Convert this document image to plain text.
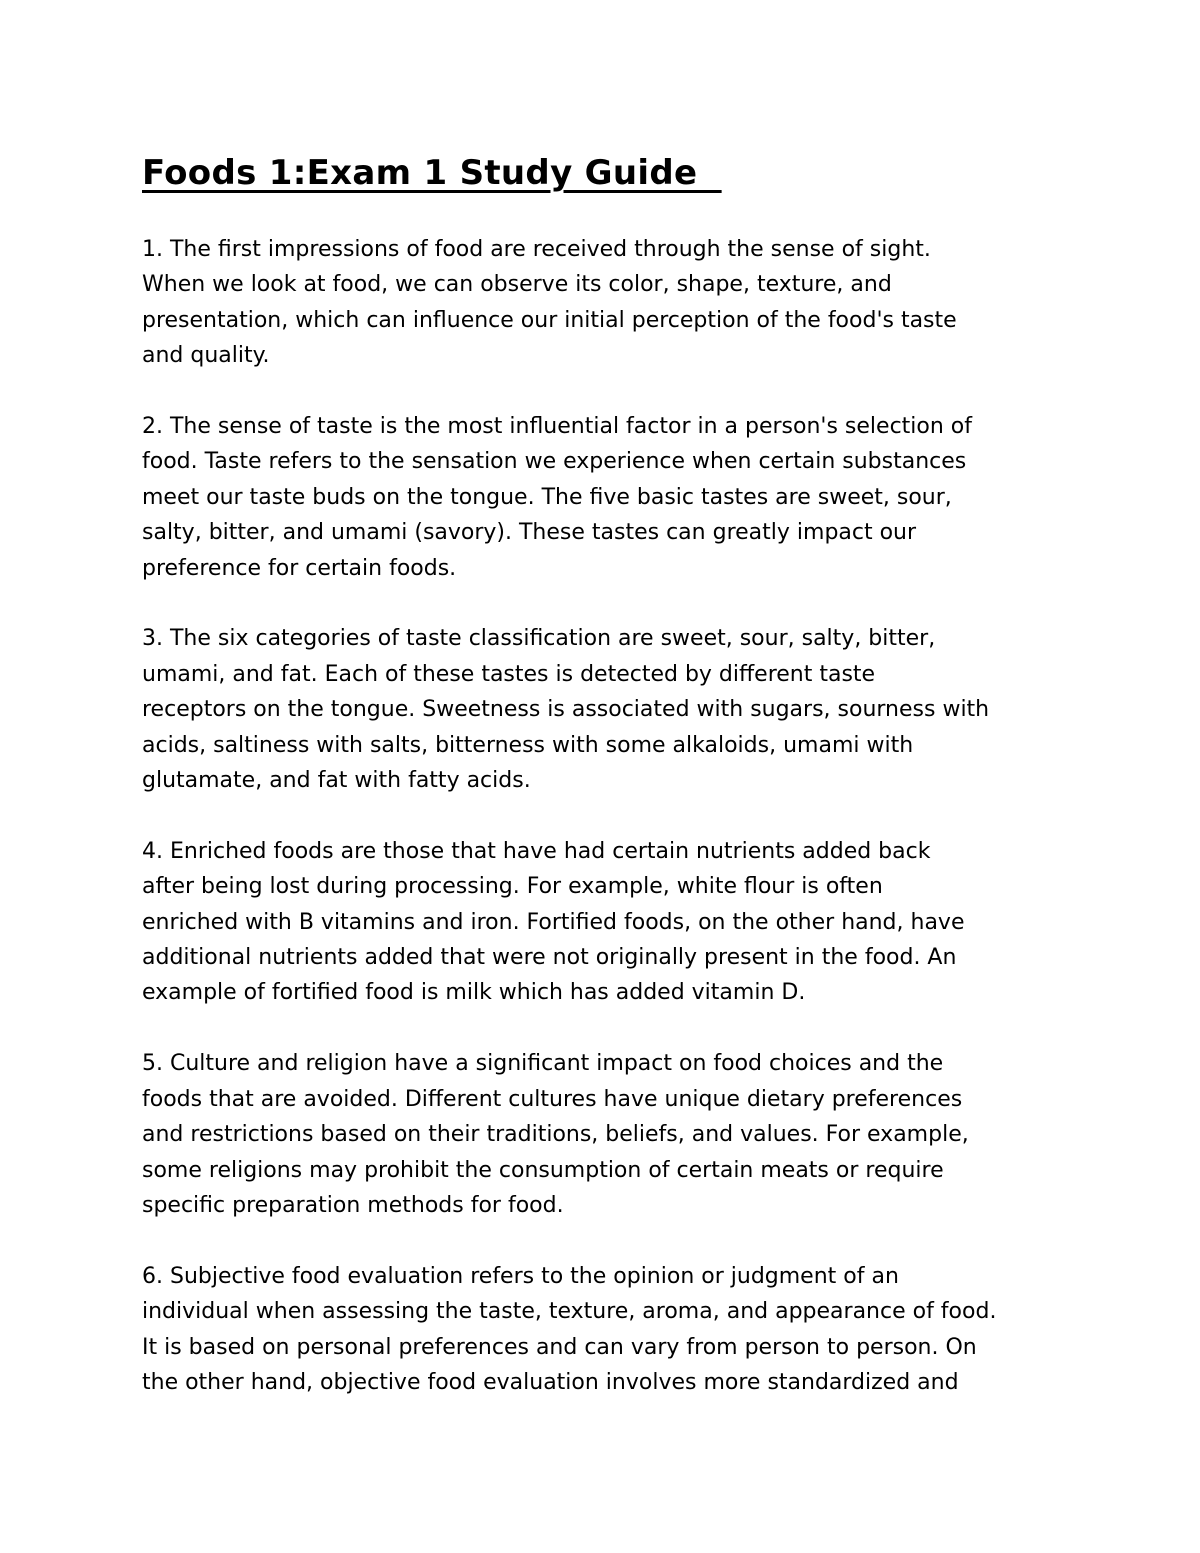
Foods 1:Exam 1 Study Guide

1. The first impressions of food are received through the sense of sight.
When we look at food, we can observe its color, shape, texture, and
presentation, which can influence our initial perception of the food's taste
and quality.

2. The sense of taste is the most influential factor in a person's selection of
food. Taste refers to the sensation we experience when certain substances
meet our taste buds on the tongue. The five basic tastes are sweet, sour,
salty, bitter, and umami (savory). These tastes can greatly impact our
preference for certain foods.

3. The six categories of taste classification are sweet, sour, salty, bitter,
umami, and fat. Each of these tastes is detected by different taste
receptors on the tongue. Sweetness is associated with sugars, sourness with
acids, saltiness with salts, bitterness with some alkaloids, umami with
glutamate, and fat with fatty acids.

4. Enriched foods are those that have had certain nutrients added back
after being lost during processing. For example, white flour is often
enriched with B vitamins and iron. Fortified foods, on the other hand, have
additional nutrients added that were not originally present in the food. An
example of fortified food is milk which has added vitamin D.

5. Culture and religion have a significant impact on food choices and the
foods that are avoided. Different cultures have unique dietary preferences
and restrictions based on their traditions, beliefs, and values. For example,
some religions may prohibit the consumption of certain meats or require
specific preparation methods for food.

6. Subjective food evaluation refers to the opinion or judgment of an
individual when assessing the taste, texture, aroma, and appearance of food.
It is based on personal preferences and can vary from person to person. On
the other hand, objective food evaluation involves more standardized and
